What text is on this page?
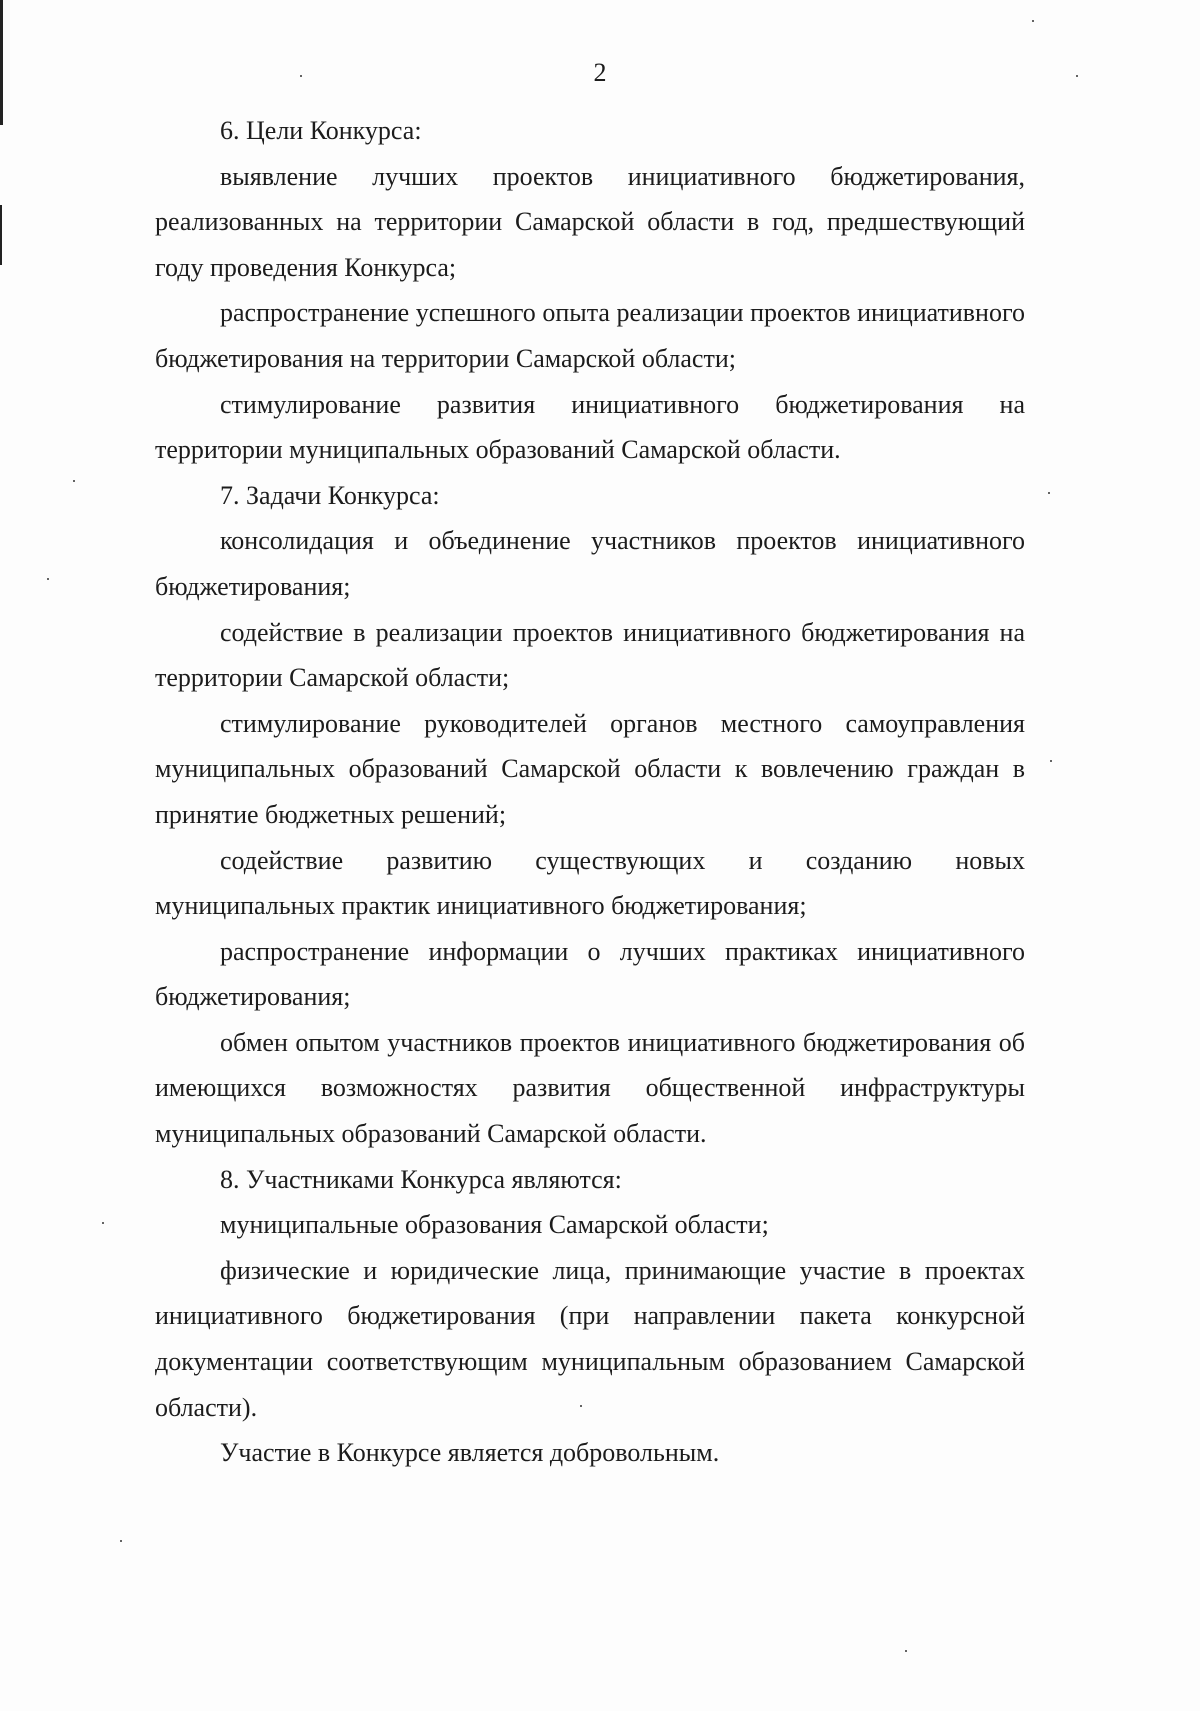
2

6. Цели Конкурса:

выявление лучших проектов инициативного бюджетирования, реализованных на территории Самарской области в год, предшествующий году проведения Конкурса;

распространение успешного опыта реализации проектов инициативного бюджетирования на территории Самарской области;

стимулирование развития инициативного бюджетирования на территории муниципальных образований Самарской области.

7. Задачи Конкурса:

консолидация и объединение участников проектов инициативного бюджетирования;

содействие в реализации проектов инициативного бюджетирования на территории Самарской области;

стимулирование руководителей органов местного самоуправления муниципальных образований Самарской области к вовлечению граждан в принятие бюджетных решений;

содействие развитию существующих и созданию новых муниципальных практик инициативного бюджетирования;

распространение информации о лучших практиках инициативного бюджетирования;

обмен опытом участников проектов инициативного бюджетирования об имеющихся возможностях развития общественной инфраструктуры муниципальных образований Самарской области.

8. Участниками Конкурса являются:

муниципальные образования Самарской области;

физические и юридические лица, принимающие участие в проектах инициативного бюджетирования (при направлении пакета конкурсной документации соответствующим муниципальным образованием Самарской области).

Участие в Конкурсе является добровольным.
